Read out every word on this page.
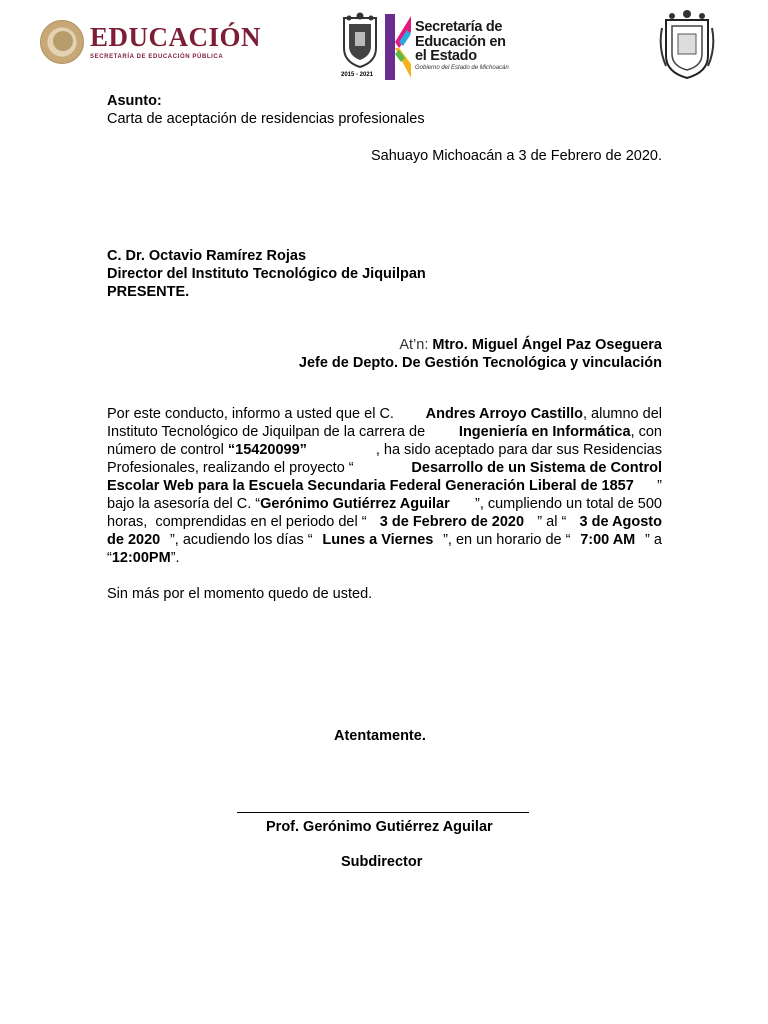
EDUCACIÓN
SECRETARÍA DE EDUCACIÓN PÚBLICA
2015 - 2021
Secretaría de
Educación en
el Estado
Gobierno del Estado de Michoacán
Asunto:
Carta de aceptación de residencias profesionales
Sahuayo Michoacán a 3 de Febrero de 2020.
C. Dr. Octavio Ramírez Rojas
Director del Instituto Tecnológico de Jiquilpan
PRESENTE.
At’n: Mtro. Miguel Ángel Paz Oseguera
Jefe de Depto. De Gestión Tecnológica y vinculación
Por este conducto, informo a usted que el C. Andres Arroyo Castillo, alumno del
Instituto Tecnológico de Jiquilpan de la carrera de Ingeniería en Informática, con
número de control “15420099”	, ha sido aceptado para dar sus Residencias
Profesionales, realizando el proyecto “	Desarrollo de un Sistema de Control
Escolar Web para la Escuela Secundaria Federal Generación Liberal de 1857 ”
bajo la asesoría del C. “Gerónimo Gutiérrez Aguilar ”, cumpliendo un total de 500
horas,  comprendidas en el periodo del “ 3 de Febrero de 2020 ” al “ 3 de Agosto
de 2020 ”, acudiendo los días “ Lunes a Viernes ”, en un horario de “ 7:00 AM ” a
“ 12:00PM ”.
Sin más por el momento quedo de usted.
Atentamente.
Prof. Gerónimo Gutiérrez Aguilar
Subdirector
